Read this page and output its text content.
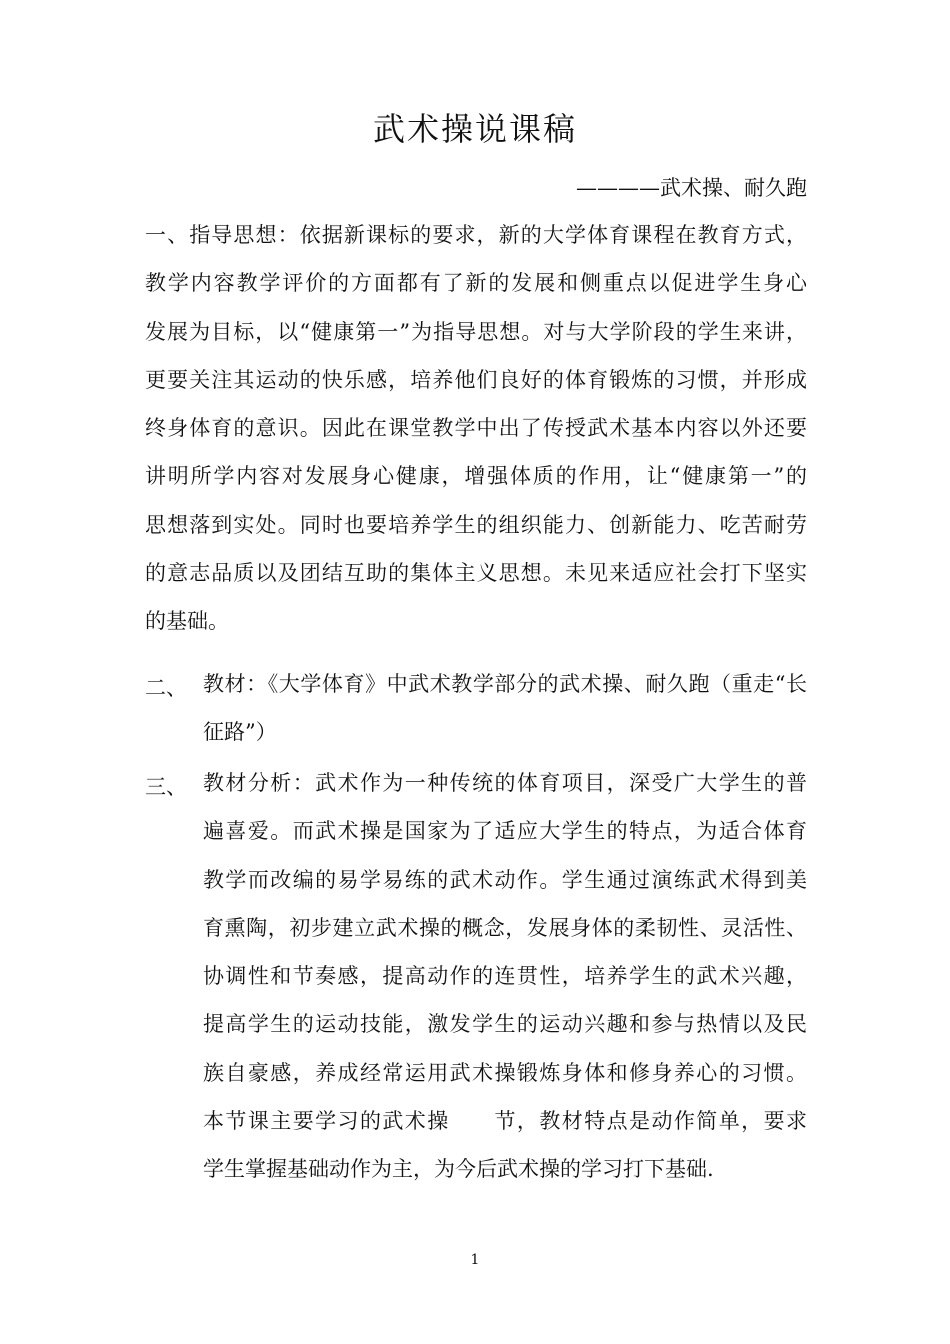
武术操说课稿
————武术操、耐久跑
一、指导思想：依据新课标的要求，新的大学体育课程在教育方式，
教学内容教学评价的方面都有了新的发展和侧重点以促进学生身心
发展为目标，以“健康第一”为指导思想。对与大学阶段的学生来讲，
更要关注其运动的快乐感，培养他们良好的体育锻炼的习惯，并形成
终身体育的意识。因此在课堂教学中出了传授武术基本内容以外还要
讲明所学内容对发展身心健康，增强体质的作用，让“健康第一”的
思想落到实处。同时也要培养学生的组织能力、创新能力、吃苦耐劳
的意志品质以及团结互助的集体主义思想。未见来适应社会打下坚实
的基础。
二、 教材：《大学体育》中武术教学部分的武术操、耐久跑（重走“长
征路”）
三、 教材分析：武术作为一种传统的体育项目，深受广大学生的普
遍喜爱。而武术操是国家为了适应大学生的特点，为适合体育
教学而改编的易学易练的武术动作。学生通过演练武术得到美
育熏陶，初步建立武术操的概念，发展身体的柔韧性、灵活性、
协调性和节奏感，提高动作的连贯性，培养学生的武术兴趣，
提高学生的运动技能，激发学生的运动兴趣和参与热情以及民
族自豪感，养成经常运用武术操锻炼身体和修身养心的习惯。
本节课主要学习的武术操　　节，教材特点是动作简单，要求
学生掌握基础动作为主，为今后武术操的学习打下基础.
1
